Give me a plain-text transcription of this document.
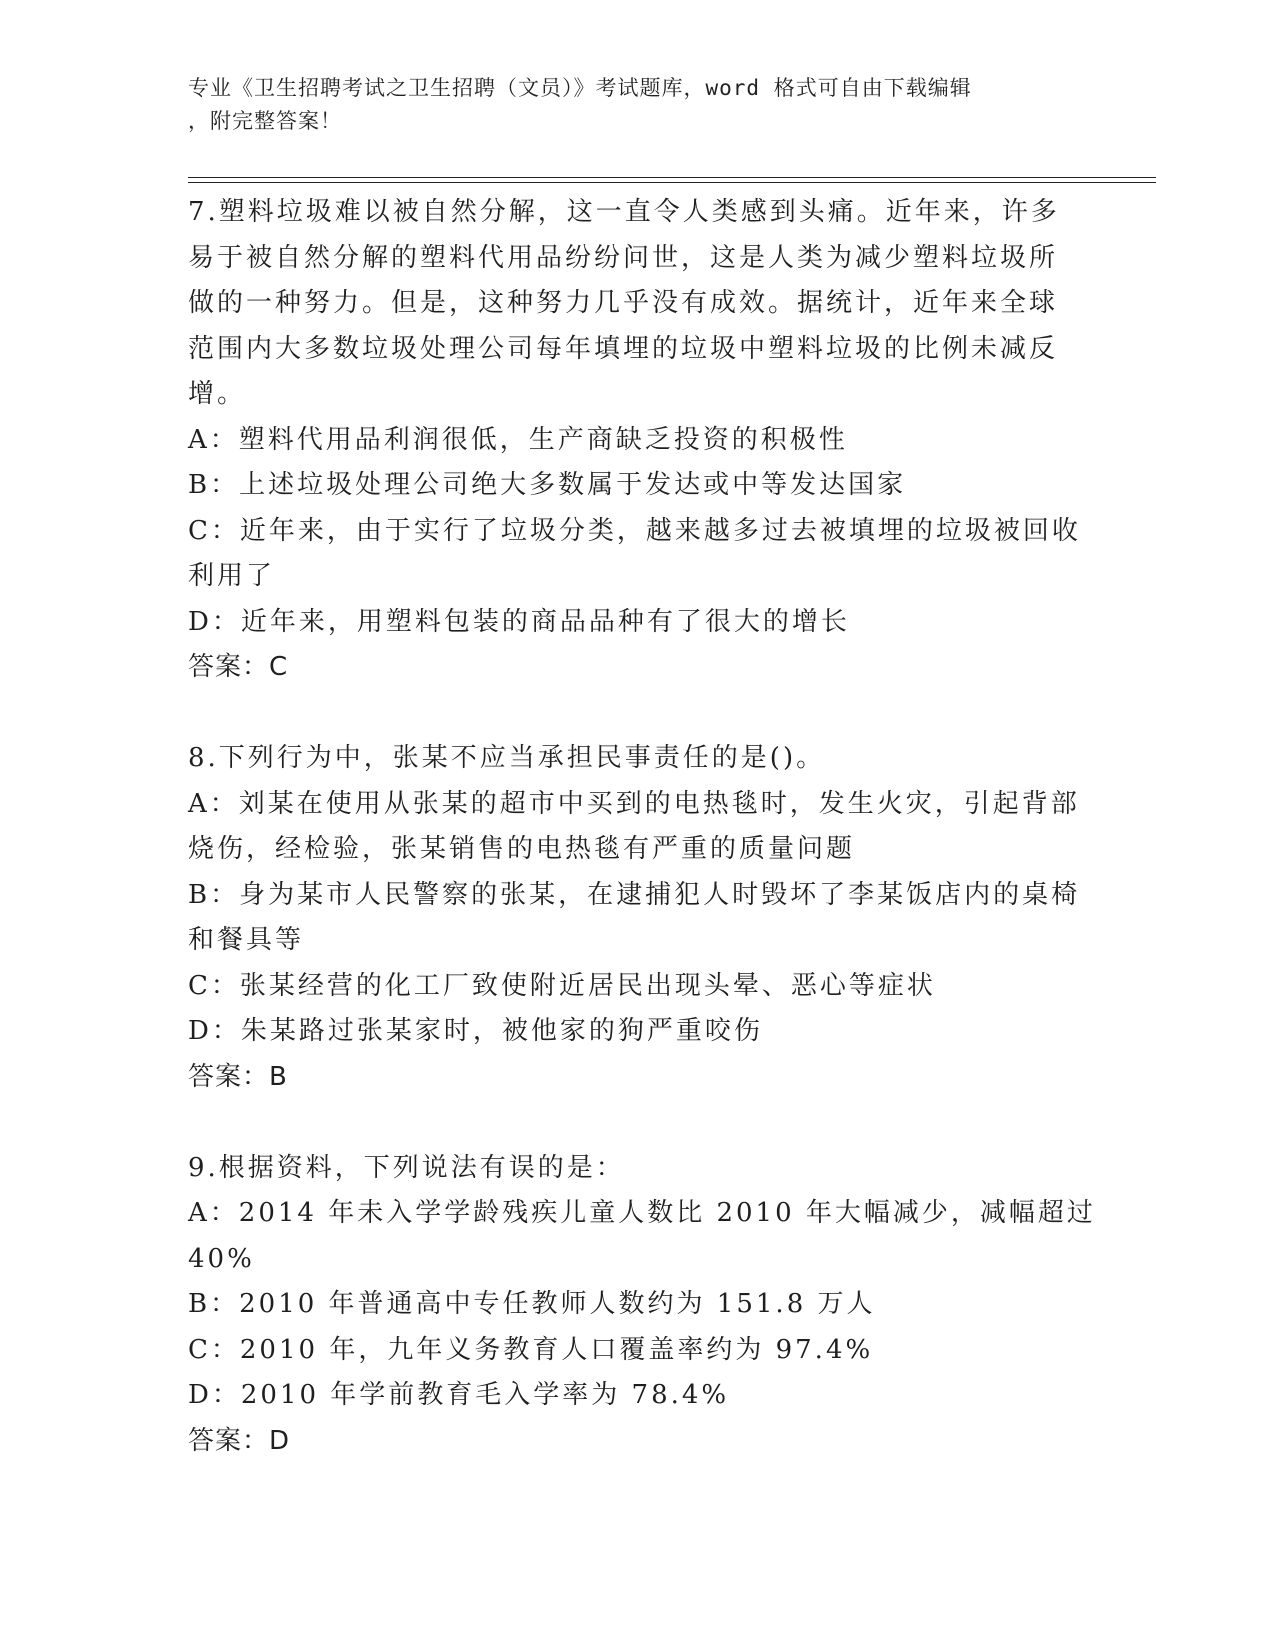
专业《卫生招聘考试之卫生招聘（文员）》考试题库，word 格式可自由下载编辑
，附完整答案！
7.塑料垃圾难以被自然分解，这一直令人类感到头痛。近年来，许多
易于被自然分解的塑料代用品纷纷问世，这是人类为减少塑料垃圾所
做的一种努力。但是，这种努力几乎没有成效。据统计，近年来全球
范围内大多数垃圾处理公司每年填埋的垃圾中塑料垃圾的比例未减反
增。
A：塑料代用品利润很低，生产商缺乏投资的积极性
B：上述垃圾处理公司绝大多数属于发达或中等发达国家
C：近年来，由于实行了垃圾分类，越来越多过去被填埋的垃圾被回收
利用了
D：近年来，用塑料包装的商品品种有了很大的增长
答案：C
8.下列行为中，张某不应当承担民事责任的是()。
A：刘某在使用从张某的超市中买到的电热毯时，发生火灾，引起背部
烧伤，经检验，张某销售的电热毯有严重的质量问题
B：身为某市人民警察的张某，在逮捕犯人时毁坏了李某饭店内的桌椅
和餐具等
C：张某经营的化工厂致使附近居民出现头晕、恶心等症状
D：朱某路过张某家时，被他家的狗严重咬伤
答案：B
9.根据资料，下列说法有误的是：
A：2014 年未入学学龄残疾儿童人数比 2010 年大幅减少，减幅超过
40%
B：2010 年普通高中专任教师人数约为 151.8 万人
C：2010 年，九年义务教育人口覆盖率约为 97.4%
D：2010 年学前教育毛入学率为 78.4%
答案：D
